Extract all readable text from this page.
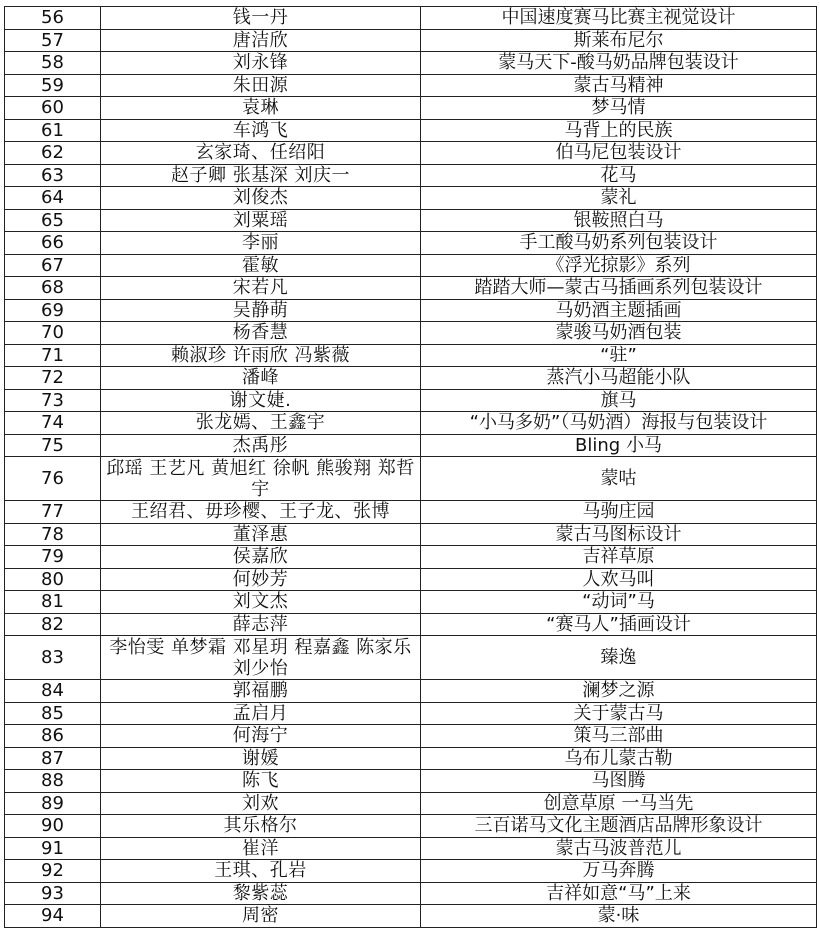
56	钱一丹	中国速度赛马比赛主视觉设计
57	唐洁欣	斯莱布尼尔
58	刘永锋	蒙马天下-酸马奶品牌包装设计
59	朱田源	蒙古马精神
60	袁琳	梦马情
61	车鸿飞	马背上的民族
62	玄家琦、任绍阳	伯马尼包装设计
63	赵子卿 张基深 刘庆一	花马
64	刘俊杰	蒙礼
65	刘粟瑶	银鞍照白马
66	李丽	手工酸马奶系列包装设计
67	霍敏	《浮光掠影》系列
68	宋若凡	踏踏大师—蒙古马插画系列包装设计
69	吴静萌	马奶酒主题插画
70	杨香慧	蒙骏马奶酒包装
71	赖淑珍 许雨欣 冯紫薇	“驻”
72	潘峰	蒸汽小马超能小队
73	谢文婕.	旗马
74	张龙嫣、王鑫宇	“小马多奶”（马奶酒）海报与包装设计
75	杰禹彤	Bling 小马
76	邱瑶 王艺凡 黄旭红 徐帆 熊骏翔 郑哲宇	蒙咕
77	王绍君、毋珍樱、王子龙、张博	马驹庄园
78	董泽惠	蒙古马图标设计
79	侯嘉欣	吉祥草原
80	何妙芳	人欢马叫
81	刘文杰	“动词”马
82	薛志萍	“赛马人”插画设计
83	李怡雯 单梦霜 邓星玥 程嘉鑫 陈家乐 刘少怡	臻逸
84	郭福鹏	澜梦之源
85	孟启月	关于蒙古马
86	何海宁	策马三部曲
87	谢媛	乌布儿蒙古勒
88	陈飞	马图腾
89	刘欢	创意草原 一马当先
90	其乐格尔	三百诺马文化主题酒店品牌形象设计
91	崔洋	蒙古马波普范儿
92	王琪、孔岩	万马奔腾
93	黎紫蕊	吉祥如意“马”上来
94	周密	蒙·味
